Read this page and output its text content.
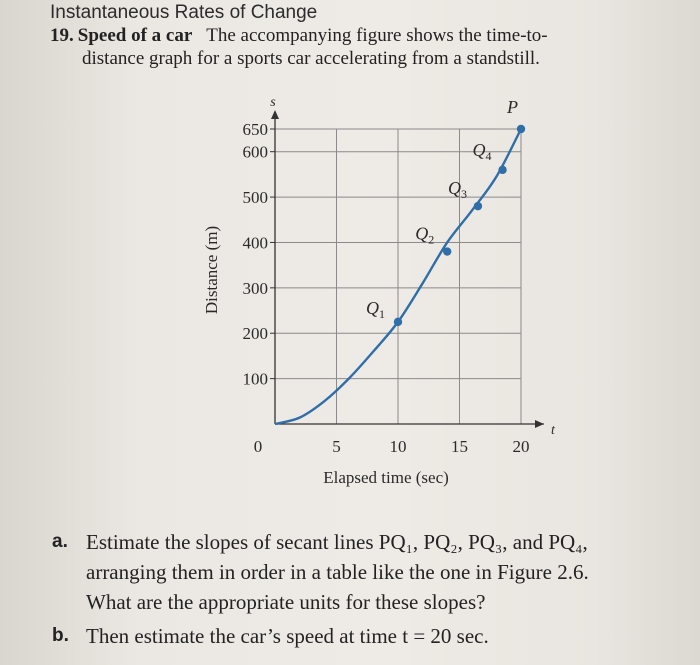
Instantaneous Rates of Change
19. Speed of a car The accompanying figure shows the time-to-
distance graph for a sports car accelerating from a standstill.
100
200
300
400
500
600
650
0	5	10	15	20
$Q_1$
$Q_2$
$Q_3$
$Q_4$
P
Distance (m)
Elapsed time (sec)
s
t
a. Estimate the slopes of secant lines PQ₁, PQ₂, PQ₃, and PQ₄,
arranging them in order in a table like the one in Figure 2.6.
What are the appropriate units for these slopes?
b. Then estimate the car’s speed at time t = 20 sec.
